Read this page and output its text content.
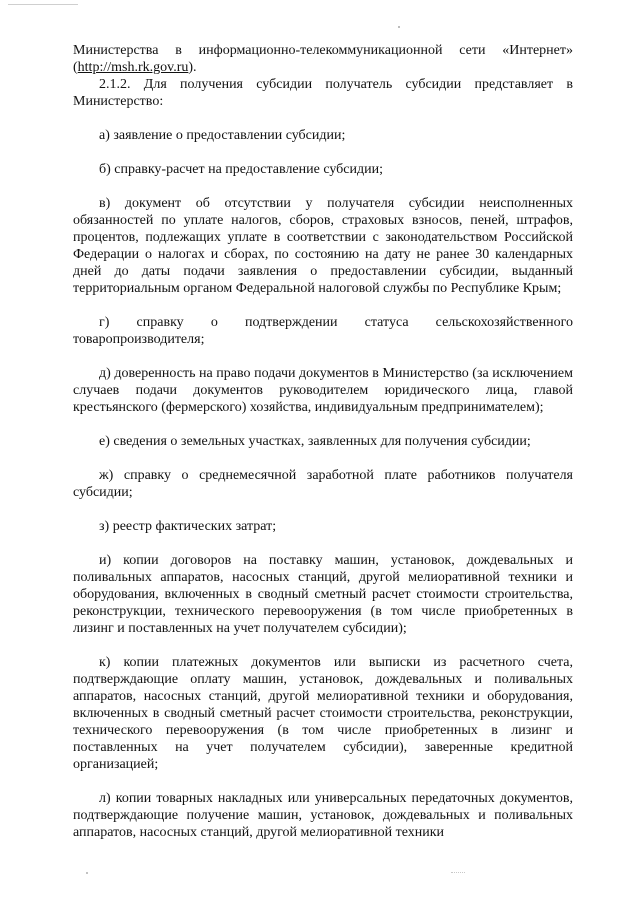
Министерства в информационно-телекоммуникационной сети «Интернет» (http://msh.rk.gov.ru).

2.1.2. Для получения субсидии получатель субсидии представляет в Министерство:

а) заявление о предоставлении субсидии;

б) справку-расчет на предоставление субсидии;

в) документ об отсутствии у получателя субсидии неисполненных обязанностей по уплате налогов, сборов, страховых взносов, пеней, штрафов, процентов, подлежащих уплате в соответствии с законодательством Российской Федерации о налогах и сборах, по состоянию на дату не ранее 30 календарных дней до даты подачи заявления о предоставлении субсидии, выданный территориальным органом Федеральной налоговой службы по Республике Крым;

г) справку о подтверждении статуса сельскохозяйственного товаропроизводителя;

д) доверенность на право подачи документов в Министерство (за исключением случаев подачи документов руководителем юридического лица, главой крестьянского (фермерского) хозяйства, индивидуальным предпринимателем);

е) сведения о земельных участках, заявленных для получения субсидии;

ж) справку о среднемесячной заработной плате работников получателя субсидии;

з) реестр фактических затрат;

и) копии договоров на поставку машин, установок, дождевальных и поливальных аппаратов, насосных станций, другой мелиоративной техники и оборудования, включенных в сводный сметный расчет стоимости строительства, реконструкции, технического перевооружения (в том числе приобретенных в лизинг и поставленных на учет получателем субсидии);

к) копии платежных документов или выписки из расчетного счета, подтверждающие оплату машин, установок, дождевальных и поливальных аппаратов, насосных станций, другой мелиоративной техники и оборудования, включенных в сводный сметный расчет стоимости строительства, реконструкции, технического перевооружения (в том числе приобретенных в лизинг и поставленных на учет получателем субсидии), заверенные кредитной организацией;

л) копии товарных накладных или универсальных передаточных документов, подтверждающие получение машин, установок, дождевальных и поливальных аппаратов, насосных станций, другой мелиоративной техники
